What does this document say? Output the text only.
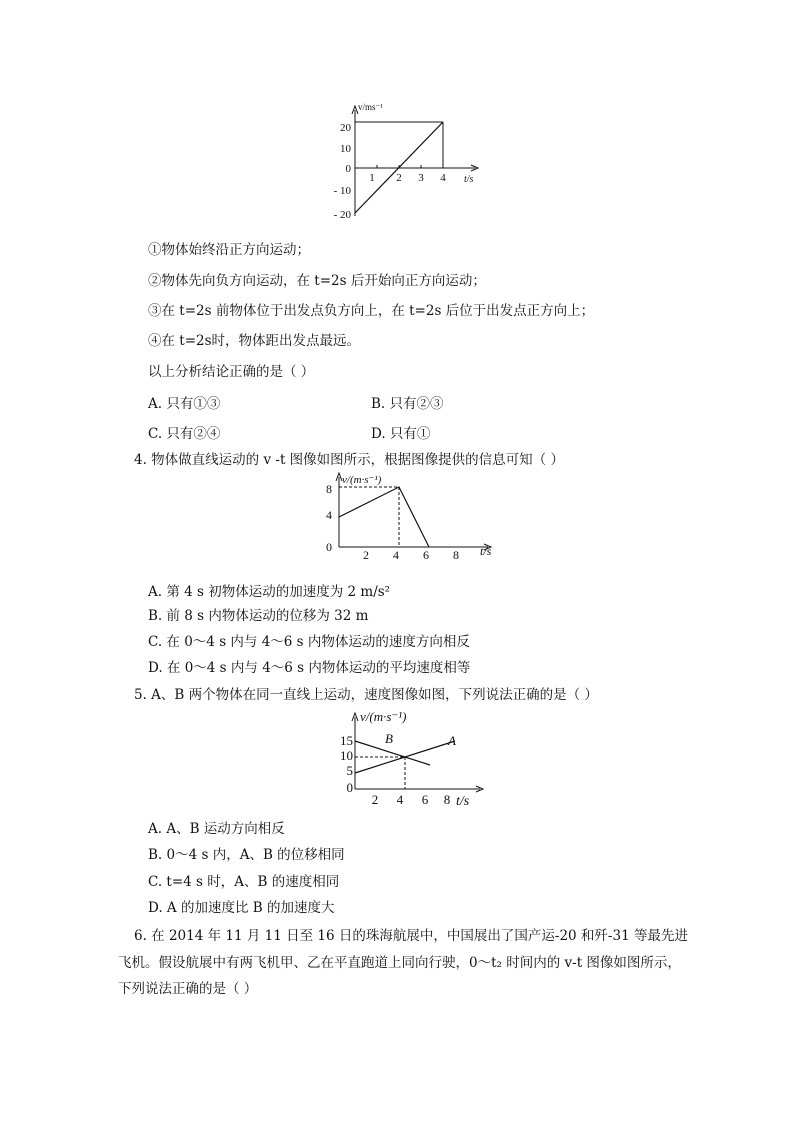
v/ms⁻¹
t/s
20
10
0
- 10
- 20
1 2 3 4
①物体始终沿正方向运动；
②物体先向负方向运动，在 t=2s 后开始向正方向运动；
③在 t=2s 前物体位于出发点负方向上，在 t=2s 后位于出发点正方向上；
④在 t=2s时，物体距出发点最远。
以上分析结论正确的是（ ）
A. 只有①③	B. 只有②③
C. 只有②④	D. 只有①
4. 物体做直线运动的 v -t 图像如图所示，根据图像提供的信息可知（ ）
v/(m·s⁻¹)
t/s
8
4
0
2 4 6 8
A. 第 4 s 初物体运动的加速度为 2 m/s²
B. 前 8 s 内物体运动的位移为 32 m
C. 在 0～4 s 内与 4～6 s 内物体运动的速度方向相反
D. 在 0～4 s 内与 4～6 s 内物体运动的平均速度相等
5. A、B 两个物体在同一直线上运动，速度图像如图，下列说法正确的是（ ）
v/(m·s⁻¹)
t/s
15
10
5
0
2 4 6 8
B	A
A. A、B 运动方向相反
B. 0～4 s 内，A、B 的位移相同
C. t=4 s 时，A、B 的速度相同
D. A 的加速度比 B 的加速度大
6. 在 2014 年 11 月 11 日至 16 日的珠海航展中，中国展出了国产运-20 和歼-31 等最先进
飞机。假设航展中有两飞机甲、乙在平直跑道上同向行驶，0～t₂ 时间内的 v-t 图像如图所示，
下列说法正确的是（ ）
